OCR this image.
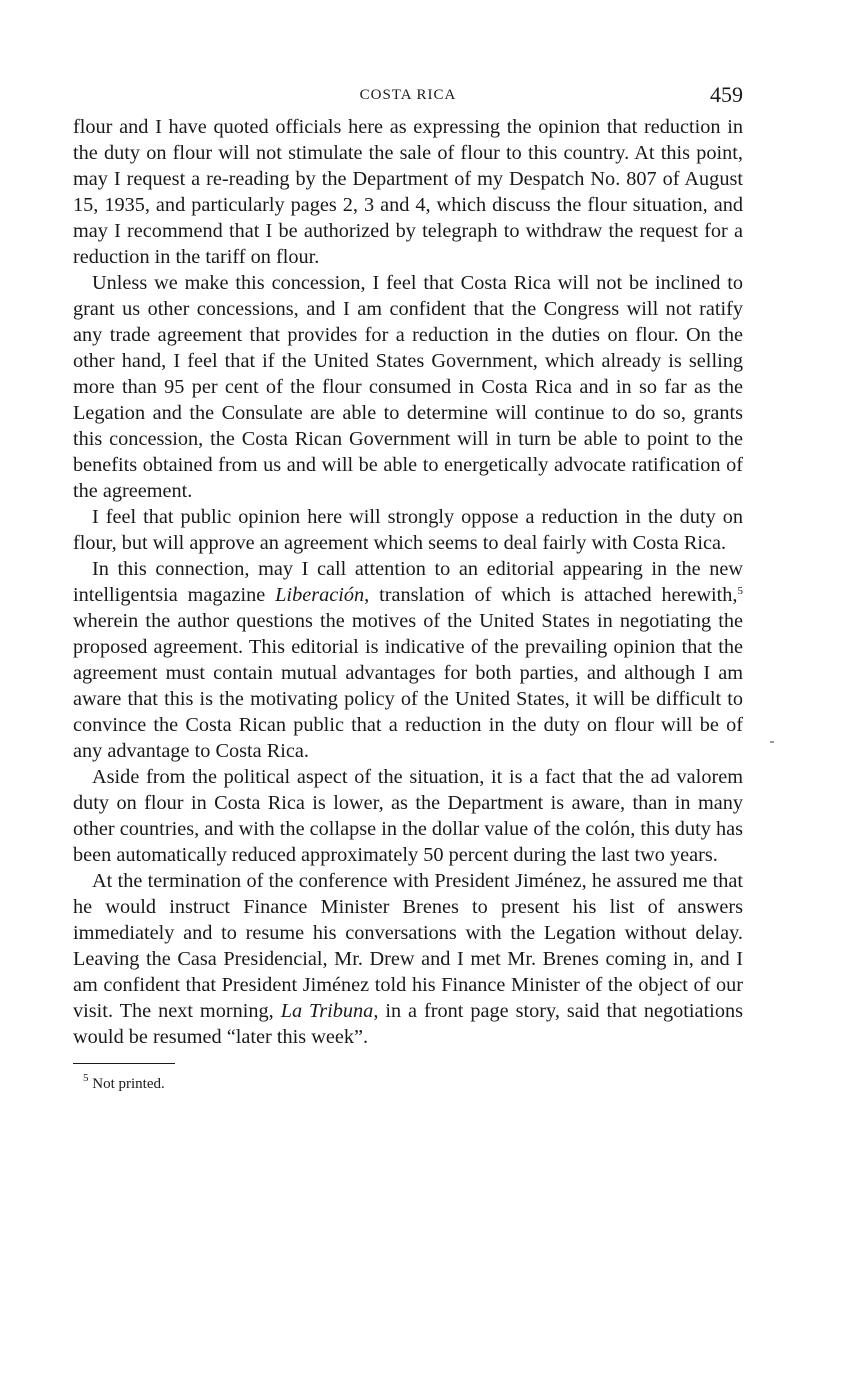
COSTA RICA	459

flour and I have quoted officials here as expressing the opinion that reduction in the duty on flour will not stimulate the sale of flour to this country. At this point, may I request a re-reading by the Department of my Despatch No. 807 of August 15, 1935, and particularly pages 2, 3 and 4, which discuss the flour situation, and may I recommend that I be authorized by telegraph to withdraw the request for a reduction in the tariff on flour.

Unless we make this concession, I feel that Costa Rica will not be inclined to grant us other concessions, and I am confident that the Congress will not ratify any trade agreement that provides for a reduction in the duties on flour. On the other hand, I feel that if the United States Government, which already is selling more than 95 per cent of the flour consumed in Costa Rica and in so far as the Legation and the Consulate are able to determine will continue to do so, grants this concession, the Costa Rican Government will in turn be able to point to the benefits obtained from us and will be able to energetically advocate ratification of the agreement.

I feel that public opinion here will strongly oppose a reduction in the duty on flour, but will approve an agreement which seems to deal fairly with Costa Rica.

In this connection, may I call attention to an editorial appearing in the new intelligentsia magazine Liberación, translation of which is attached herewith,$^5$ wherein the author questions the motives of the United States in negotiating the proposed agreement. This editorial is indicative of the prevailing opinion that the agreement must contain mutual advantages for both parties, and although I am aware that this is the motivating policy of the United States, it will be difficult to convince the Costa Rican public that a reduction in the duty on flour will be of any advantage to Costa Rica.

Aside from the political aspect of the situation, it is a fact that the ad valorem duty on flour in Costa Rica is lower, as the Department is aware, than in many other countries, and with the collapse in the dollar value of the colón, this duty has been automatically reduced approximately 50 percent during the last two years.

At the termination of the conference with President Jiménez, he assured me that he would instruct Finance Minister Brenes to present his list of answers immediately and to resume his conversations with the Legation without delay. Leaving the Casa Presidencial, Mr. Drew and I met Mr. Brenes coming in, and I am confident that President Jiménez told his Finance Minister of the object of our visit. The next morning, La Tribuna, in a front page story, said that negotiations would be resumed “later this week”.

$^5$ Not printed.
